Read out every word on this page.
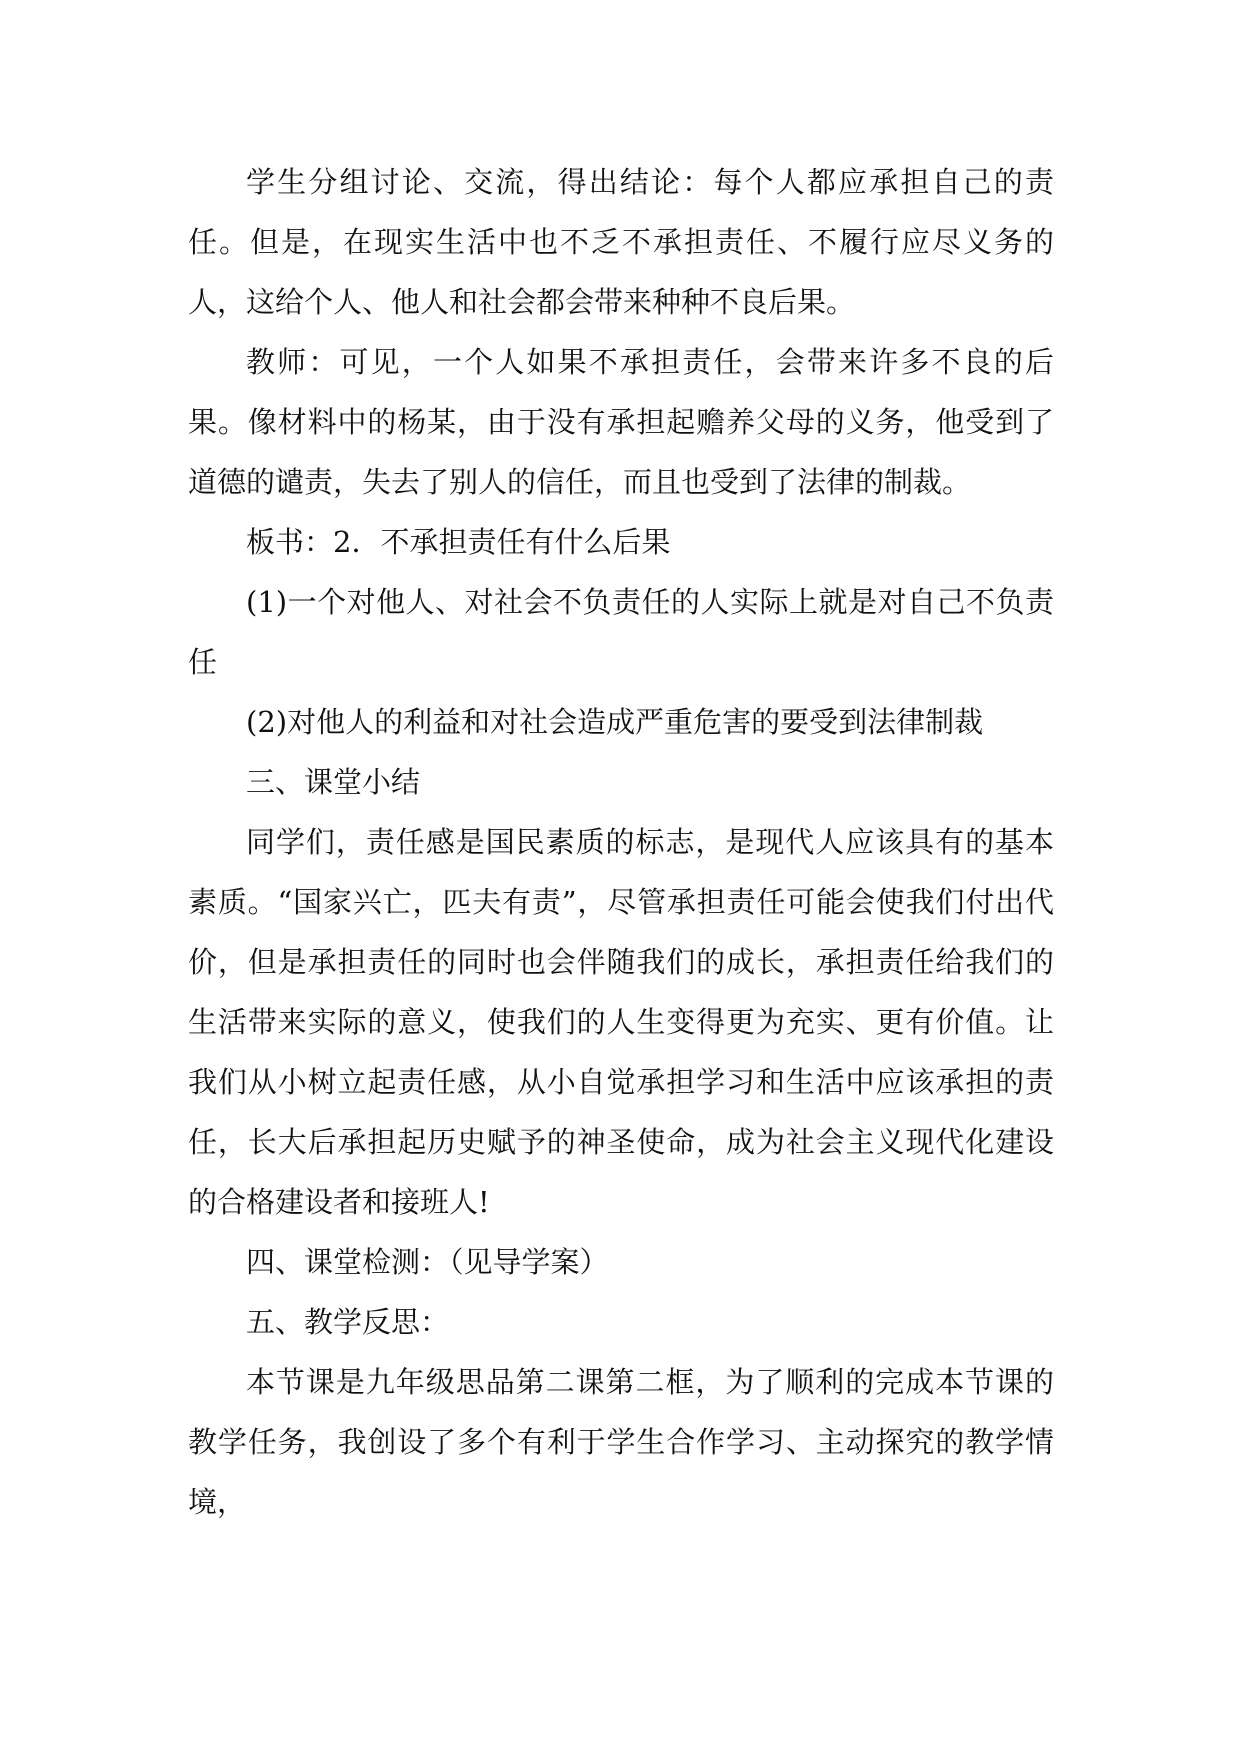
学生分组讨论、交流，得出结论：每个人都应承担自己的责任。但是，在现实生活中也不乏不承担责任、不履行应尽义务的人，这给个人、他人和社会都会带来种种不良后果。

教师：可见，一个人如果不承担责任，会带来许多不良的后果。像材料中的杨某，由于没有承担起赡养父母的义务，他受到了道德的谴责，失去了别人的信任，而且也受到了法律的制裁。

板书：2．不承担责任有什么后果

(1)一个对他人、对社会不负责任的人实际上就是对自己不负责任

(2)对他人的利益和对社会造成严重危害的要受到法律制裁

三、课堂小结

同学们，责任感是国民素质的标志，是现代人应该具有的基本素质。“国家兴亡，匹夫有责”，尽管承担责任可能会使我们付出代价，但是承担责任的同时也会伴随我们的成长，承担责任给我们的生活带来实际的意义，使我们的人生变得更为充实、更有价值。让我们从小树立起责任感，从小自觉承担学习和生活中应该承担的责任，长大后承担起历史赋予的神圣使命，成为社会主义现代化建设的合格建设者和接班人!

四、课堂检测：（见导学案）

五、教学反思：

本节课是九年级思品第二课第二框，为了顺利的完成本节课的教学任务，我创设了多个有利于学生合作学习、主动探究的教学情境，
